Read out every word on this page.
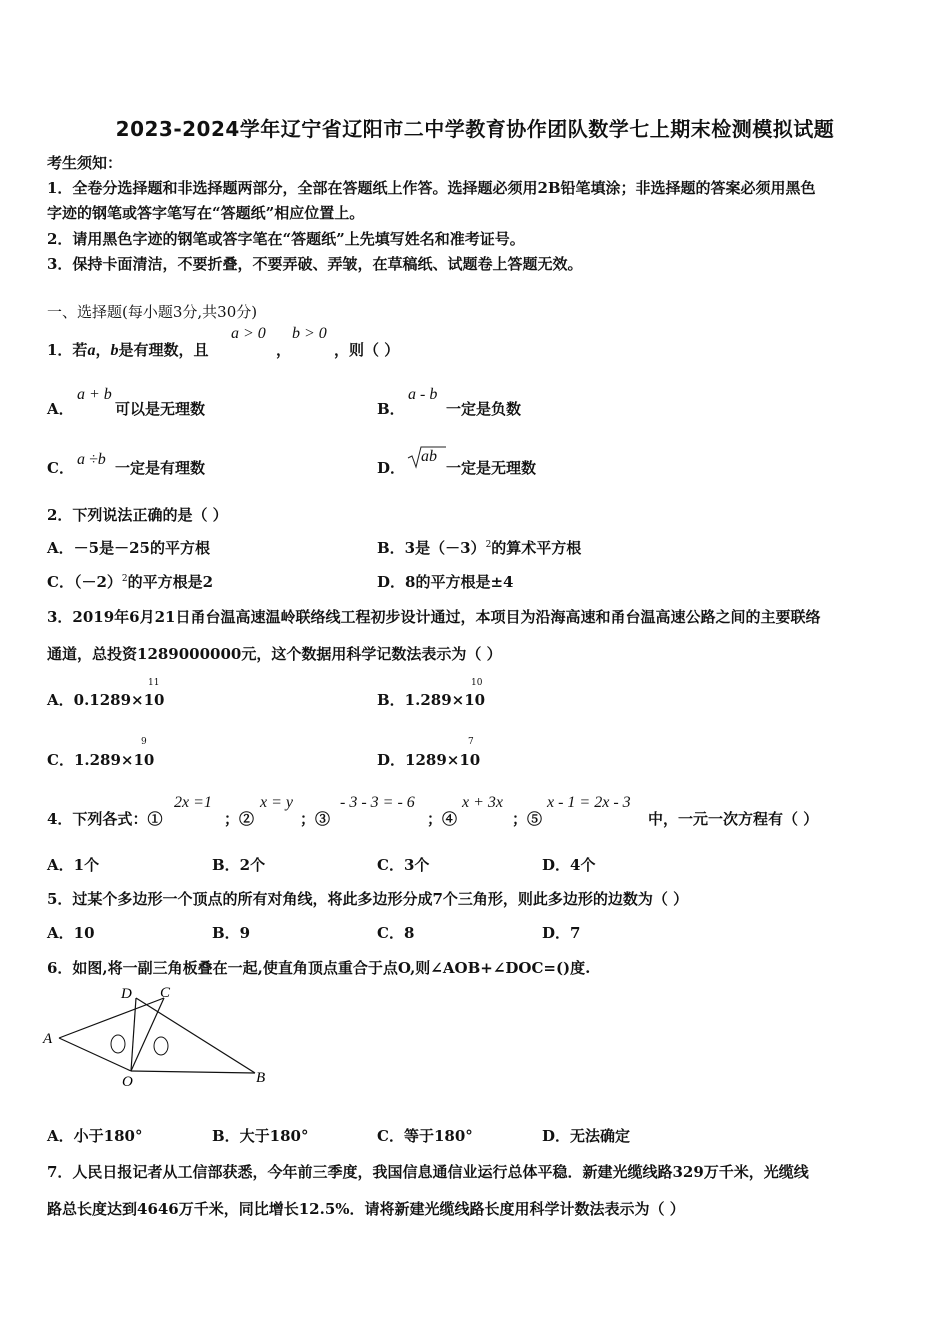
2023-2024学年辽宁省辽阳市二中学教育协作团队数学七上期末检测模拟试题
考生须知：
1．全卷分选择题和非选择题两部分，全部在答题纸上作答。选择题必须用2B铅笔填涂；非选择题的答案必须用黑色
字迹的钢笔或答字笔写在“答题纸”相应位置上。
2．请用黑色字迹的钢笔或答字笔在“答题纸”上先填写姓名和准考证号。
3．保持卡面清洁，不要折叠，不要弄破、弄皱，在草稿纸、试题卷上答题无效。
一、选择题(每小题3分,共30分)
1．若a，b是有理数，且
a > 0
，
b > 0
，则（ ）
A．
a + b
可以是无理数	B．
a - b
一定是负数
C． a ÷b 一定是有理数	D．
ab
一定是无理数
2．下列说法正确的是（ ）
A．－5是－25的平方根	B．3是$(-3)^2$的算术平方根
C．$(-2)^2$的平方根是2	D．8的平方根是±4
3．2019年6月21日甬台温高速温岭联络线工程初步设计通过，本项目为沿海高速和甬台温高速公路之间的主要联络
通道，总投资1289000000元，这个数据用科学记数法表示为（ ）
A．0.1289×10
11
B．1.289×10
10
C．1.289×10
9
D．1289×10
7
4．下列各式：①
2x =1
；②
x = y
；③
- 3 - 3 = - 6
；④
x + 3x
；⑤
x - 1 = 2x - 3
中，一元一次方程有（ ）
A．1个	B．2个	C．3个	D．4个
5．过某个多边形一个顶点的所有对角线，将此多边形分成7个三角形，则此多边形的边数为（ ）
A．10	B．9	C．8	D．7
6．如图,将一副三角板叠在一起,使直角顶点重合于点O,则∠AOB+∠DOC=()度.
D C
A
O	B
A．小于180°	B．大于180°	C．等于180°	D．无法确定
7．人民日报记者从工信部获悉，今年前三季度，我国信息通信业运行总体平稳．新建光缆线路329万千米，光缆线
路总长度达到4646万千米，同比增长12.5%．请将新建光缆线路长度用科学计数法表示为（ ）
